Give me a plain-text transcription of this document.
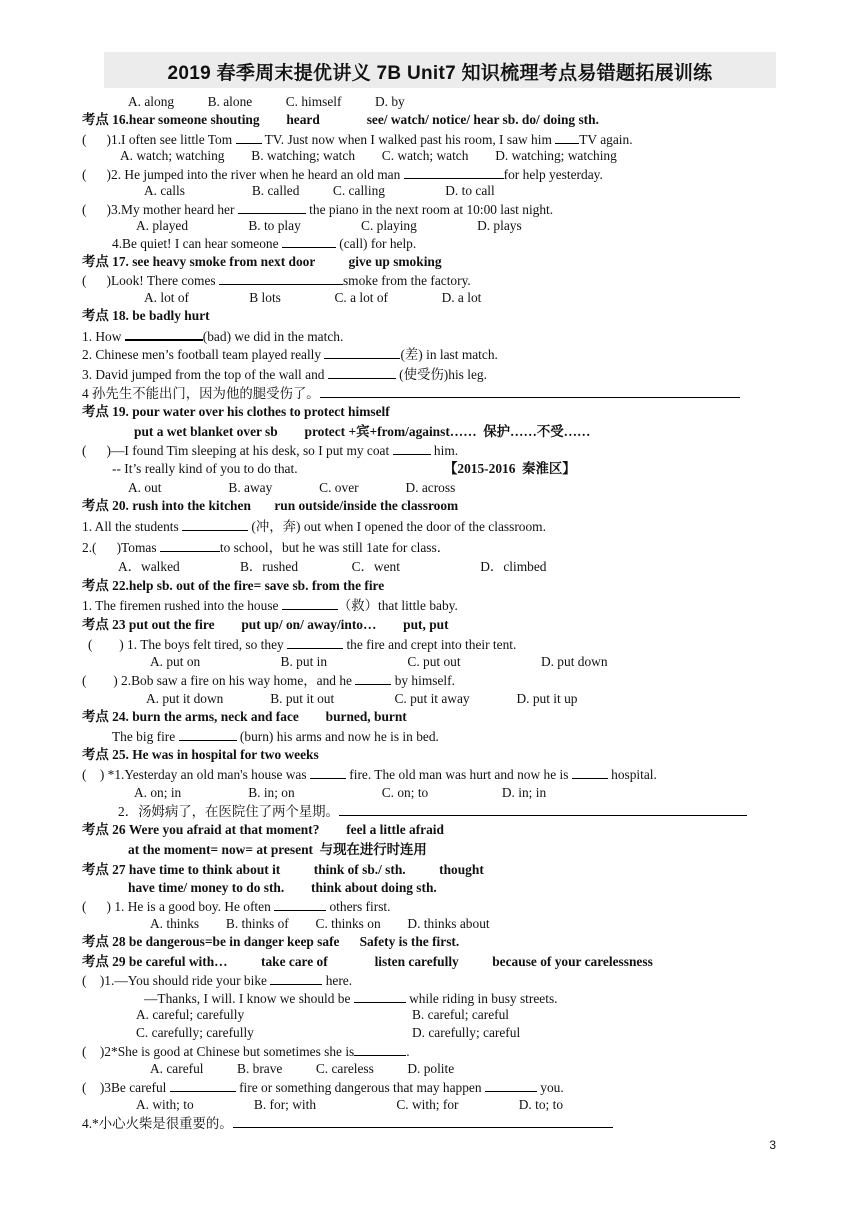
2019 春季周末提优讲义 7B Unit7 知识梳理考点易错题拓展训练
A. along          B. alone          C. himself          D. by
考点 16.hear someone shouting        heard              see/ watch/ notice/ hear sb. do/ doing sth.
(      )1.I often see little Tom  TV. Just now when I walked past his room, I saw him TV again.
A. watch; watching        B. watching; watch        C. watch; watch        D. watching; watching
(      )2. He jumped into the river when he heard an old man	for help yesterday.
A. calls                    B. called          C. calling                  D. to call
(      )3.My mother heard her	the piano in the next room at 10:00 last night.
A. played                  B. to play                  C. playing                  D. plays
4.Be quiet! I can hear someone	(call) for help.
考点 17. see heavy smoke from next door          give up smoking
(      )Look! There comes	smoke from the factory.
A. lot of                  B lots                C. a lot of                D. a lot
考点 18. be badly hurt
1. How	(bad) we did in the match.
2. Chinese men’s football team played really	(差) in last match.
3. David jumped from the top of the wall and	(使受伤)his leg.
4 孙先生不能出门，因为他的腿受伤了。
考点 19. pour water over his clothes to protect himself
put a wet blanket over sb        protect +宾+from/against……  保护……不受……
(      )—I found Tim sleeping at his desk, so I put my coat	him.
-- It’s really kind of you to do that.	【2015-2016  秦淮区】
A. out                    B. away              C. over              D. across
考点 20. rush into the kitchen       run outside/inside the classroom
1. All the students	(冲，奔) out when I opened the door of the classroom.
2.(      )Tomas	to school，but he was still 1ate for class．
A．walked                  B．rushed                C．went                        D．climbed
考点 22.help sb. out of the fire= save sb. from the fire
1. The firemen rushed into the house	（救）that little baby.
考点 23 put out the fire        put up/ on/ away/into…        put, put
(        ) 1. The boys felt tired, so they	the fire and crept into their tent.
A. put on                        B. put in                        C. put out                        D. put down
(        ) 2.Bob saw a fire on his way home，and he	by himself.
A. put it down              B. put it out                  C. put it away              D. put it up
考点 24. burn the arms, neck and face        burned, burnt
The big fire	(burn) his arms and now he is in bed.
考点 25. He was in hospital for two weeks
(    ) *1.Yesterday an old man's house was	fire. The old man was hurt and now he is	hospital.
A. on; in                    B. in; on                          C. on; to                      D. in; in
2．汤姆病了，在医院住了两个星期。
考点 26 Were you afraid at that moment?        feel a little afraid
at the moment= now= at present  与现在进行时连用
考点 27 have time to think about it          think of sb./ sth.          thought
have time/ money to do sth.        think about doing sth.
(      ) 1. He is a good boy. He often	others first.
A. thinks        B. thinks of        C. thinks on        D. thinks about
考点 28 be dangerous=be in danger keep safe      Safety is the first.
考点 29 be careful with…          take care of              listen carefully          because of your carelessness
(    )1.—You should ride your bike	here.
—Thanks, I will. I know we should be	while riding in busy streets.
A. careful; carefully	B. careful; careful
C. carefully; carefully	D. carefully; careful
(    )2*She is good at Chinese but sometimes she is	.
A. careful          B. brave          C. careless          D. polite
(    )3Be careful	fire or something dangerous that may happen	you.
A. with; to                  B. for; with                        C. with; for                  D. to; to
4.*小心火柴是很重要的。
3
